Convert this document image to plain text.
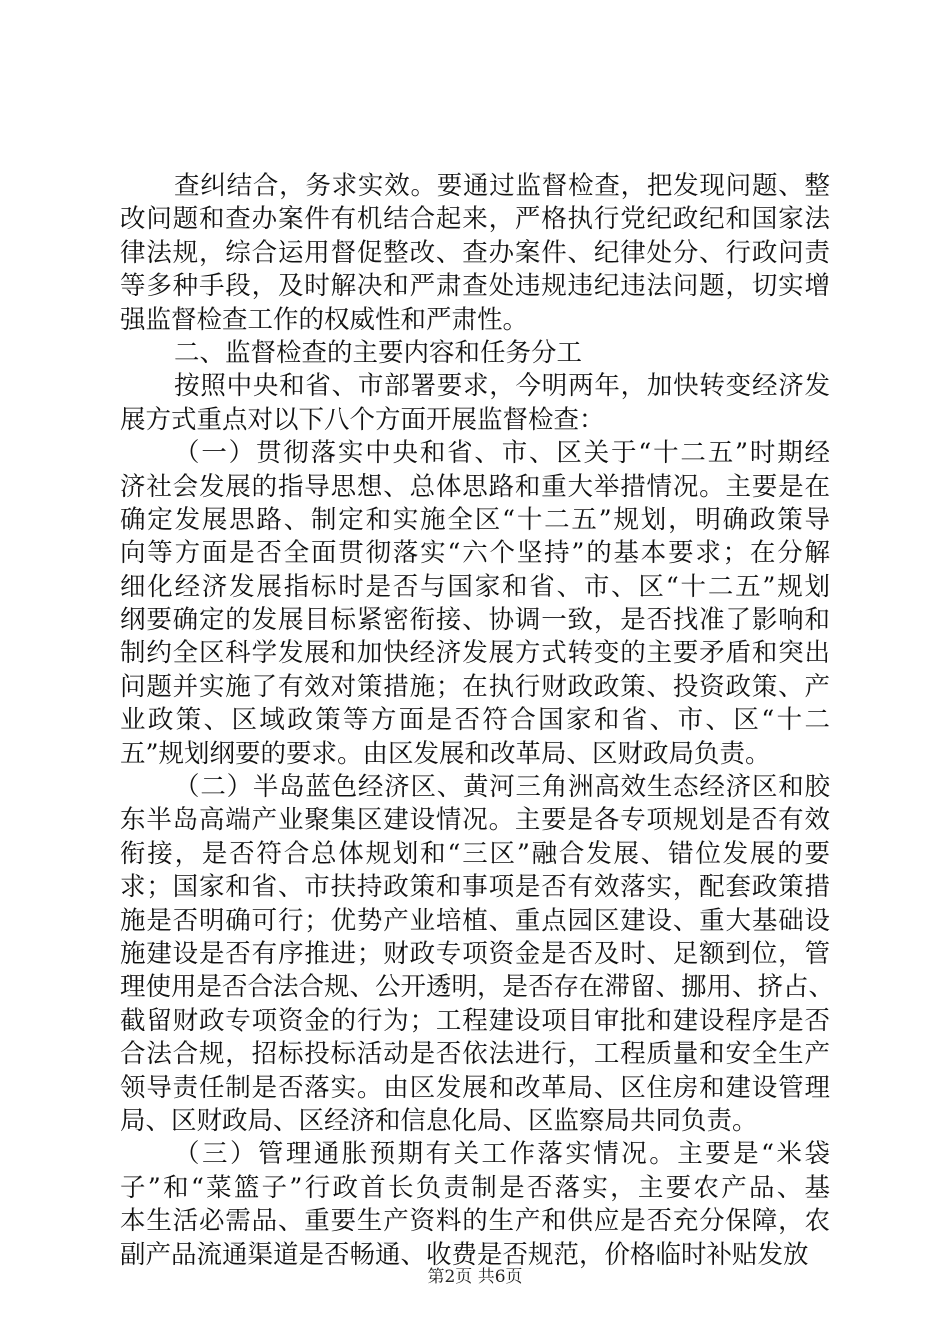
查纠结合，务求实效。要通过监督检查，把发现问题、整
改问题和查办案件有机结合起来，严格执行党纪政纪和国家法
律法规，综合运用督促整改、查办案件、纪律处分、行政问责
等多种手段，及时解决和严肃查处违规违纪违法问题，切实增
强监督检查工作的权威性和严肃性。
二、监督检查的主要内容和任务分工
按照中央和省、市部署要求，今明两年，加快转变经济发
展方式重点对以下八个方面开展监督检查：
（一）贯彻落实中央和省、市、区关于“十二五”时期经
济社会发展的指导思想、总体思路和重大举措情况。主要是在
确定发展思路、制定和实施全区“十二五”规划，明确政策导
向等方面是否全面贯彻落实“六个坚持”的基本要求；在分解
细化经济发展指标时是否与国家和省、市、区“十二五”规划
纲要确定的发展目标紧密衔接、协调一致，是否找准了影响和
制约全区科学发展和加快经济发展方式转变的主要矛盾和突出
问题并实施了有效对策措施；在执行财政政策、投资政策、产
业政策、区域政策等方面是否符合国家和省、市、区“十二
五”规划纲要的要求。由区发展和改革局、区财政局负责。
（二）半岛蓝色经济区、黄河三角洲高效生态经济区和胶
东半岛高端产业聚集区建设情况。主要是各专项规划是否有效
衔接，是否符合总体规划和“三区”融合发展、错位发展的要
求；国家和省、市扶持政策和事项是否有效落实，配套政策措
施是否明确可行；优势产业培植、重点园区建设、重大基础设
施建设是否有序推进；财政专项资金是否及时、足额到位，管
理使用是否合法合规、公开透明，是否存在滞留、挪用、挤占、
截留财政专项资金的行为；工程建设项目审批和建设程序是否
合法合规，招标投标活动是否依法进行，工程质量和安全生产
领导责任制是否落实。由区发展和改革局、区住房和建设管理
局、区财政局、区经济和信息化局、区监察局共同负责。
（三）管理通胀预期有关工作落实情况。主要是“米袋
子”和“菜篮子”行政首长负责制是否落实，主要农产品、基
本生活必需品、重要生产资料的生产和供应是否充分保障，农
副产品流通渠道是否畅通、收费是否规范，价格临时补贴发放
第2页 共6页
